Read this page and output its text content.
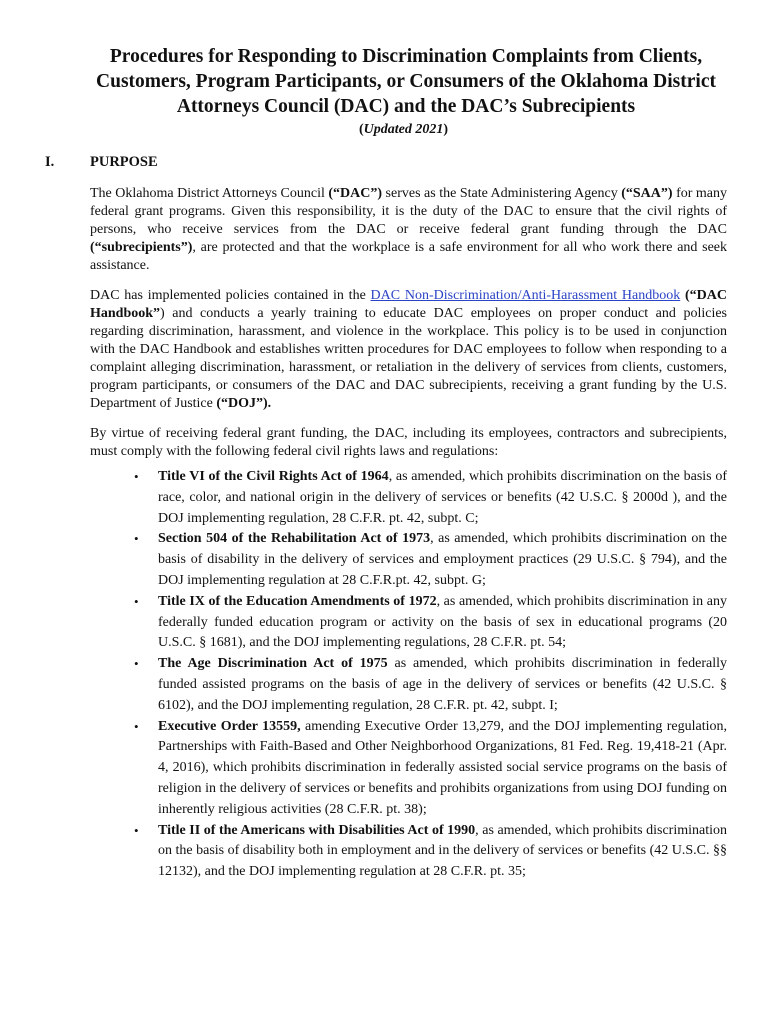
Procedures for Responding to Discrimination Complaints from Clients, Customers, Program Participants, or Consumers of the Oklahoma District Attorneys Council (DAC) and the DAC’s Subrecipients
(Updated 2021)
I. PURPOSE

The Oklahoma District Attorneys Council (“DAC”) serves as the State Administering Agency (“SAA”) for many federal grant programs. Given this responsibility, it is the duty of the DAC to ensure that the civil rights of persons, who receive services from the DAC or receive federal grant funding through the DAC (“subrecipients”), are protected and that the workplace is a safe environment for all who work there and seek assistance.

DAC has implemented policies contained in the DAC Non-Discrimination/Anti-Harassment Handbook (“DAC Handbook”) and conducts a yearly training to educate DAC employees on proper conduct and policies regarding discrimination, harassment, and violence in the workplace. This policy is to be used in conjunction with the DAC Handbook and establishes written procedures for DAC employees to follow when responding to a complaint alleging discrimination, harassment, or retaliation in the delivery of services from clients, customers, program participants, or consumers of the DAC and DAC subrecipients, receiving a grant funding by the U.S. Department of Justice (“DOJ”).

By virtue of receiving federal grant funding, the DAC, including its employees, contractors and subrecipients, must comply with the following federal civil rights laws and regulations:

• Title VI of the Civil Rights Act of 1964, as amended, which prohibits discrimination on the basis of race, color, and national origin in the delivery of services or benefits (42 U.S.C. § 2000d ), and the DOJ implementing regulation, 28 C.F.R. pt. 42, subpt. C;
• Section 504 of the Rehabilitation Act of 1973, as amended, which prohibits discrimination on the basis of disability in the delivery of services and employment practices (29 U.S.C. § 794), and the DOJ implementing regulation at 28 C.F.R.pt. 42, subpt. G;
• Title IX of the Education Amendments of 1972, as amended, which prohibits discrimination in any federally funded education program or activity on the basis of sex in educational programs (20 U.S.C. § 1681), and the DOJ implementing regulations, 28 C.F.R. pt. 54;
• The Age Discrimination Act of 1975 as amended, which prohibits discrimination in federally funded assisted programs on the basis of age in the delivery of services or benefits (42 U.S.C. § 6102), and the DOJ implementing regulation, 28 C.F.R. pt. 42, subpt. I;
• Executive Order 13559, amending Executive Order 13,279, and the DOJ implementing regulation, Partnerships with Faith-Based and Other Neighborhood Organizations, 81 Fed. Reg. 19,418-21 (Apr. 4, 2016), which prohibits discrimination in federally assisted social service programs on the basis of religion in the delivery of services or benefits and prohibits organizations from using DOJ funding on inherently religious activities (28 C.F.R. pt. 38);
• Title II of the Americans with Disabilities Act of 1990, as amended, which prohibits discrimination on the basis of disability both in employment and in the delivery of services or benefits (42 U.S.C. §§ 12132), and the DOJ implementing regulation at 28 C.F.R. pt. 35;
